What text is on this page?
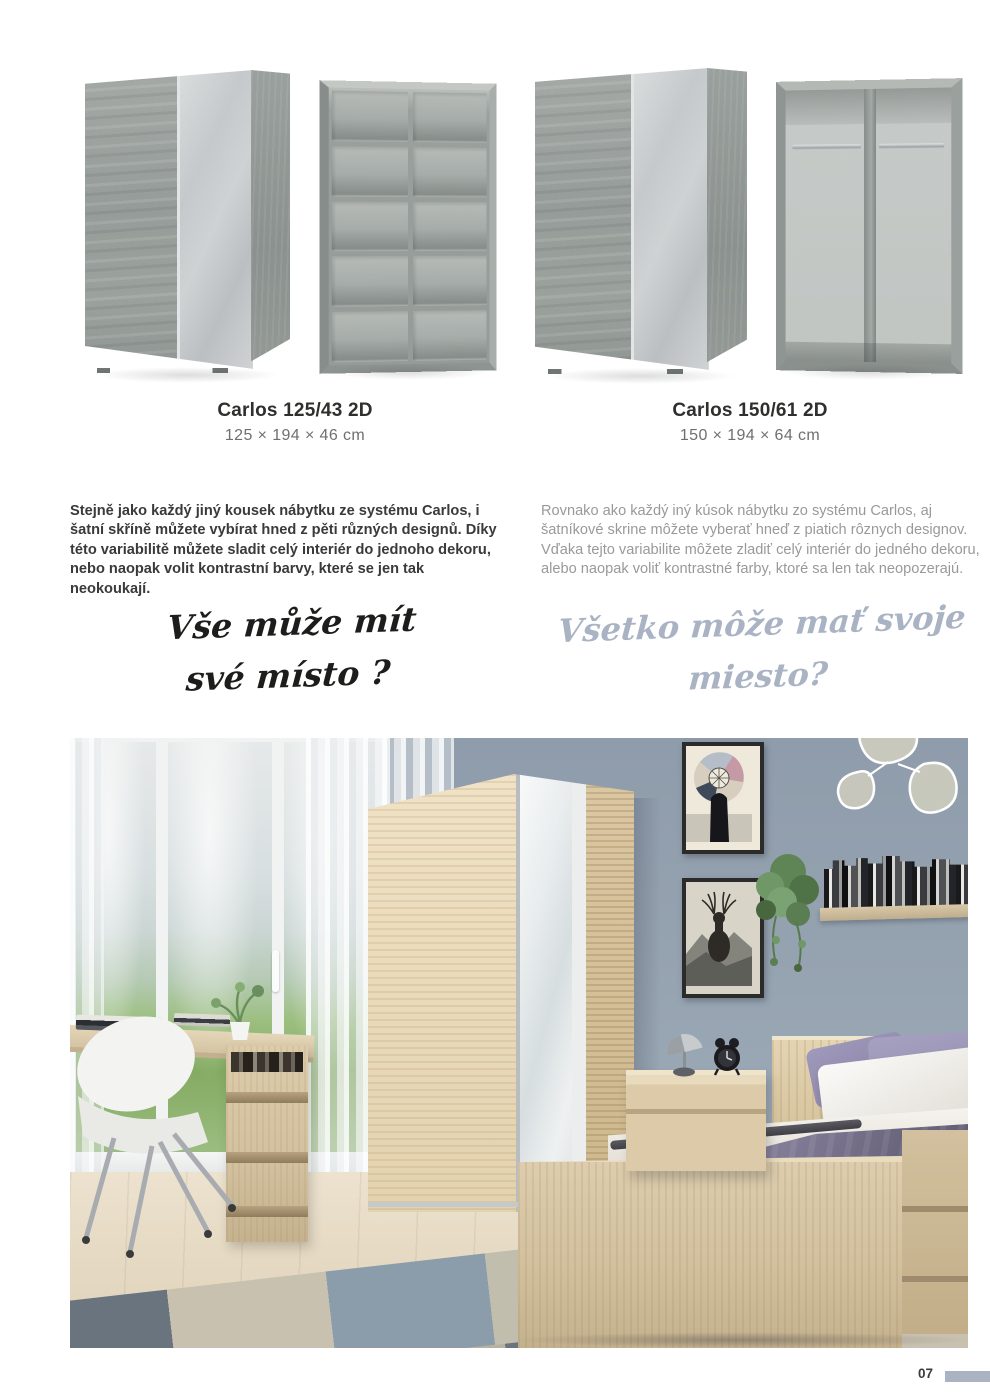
Carlos 125/43 2D
125 × 194 × 46 cm
Carlos 150/61 2D
150 × 194 × 64 cm

Stejně jako každý jiný kousek nábytku ze systému Carlos, i šatní skříně můžete vybírat hned z pěti různých designů. Díky této variabilitě můžete sladit celý interiér do jednoho dekoru, nebo naopak volit kontrastní barvy, které se jen tak neokoukají.

Rovnako ako každý iný kúsok nábytku zo systému Carlos, aj šatníkové skrine môžete vyberať hneď z piatich rôznych designov. Vďaka tejto variabilite môžete zladiť celý interiér do jedného dekoru, alebo naopak voliť kontrastné farby, ktoré sa len tak neopozerajú.

Vše může mít
své místo ?
Všetko môže mať svoje
miesto?
07
